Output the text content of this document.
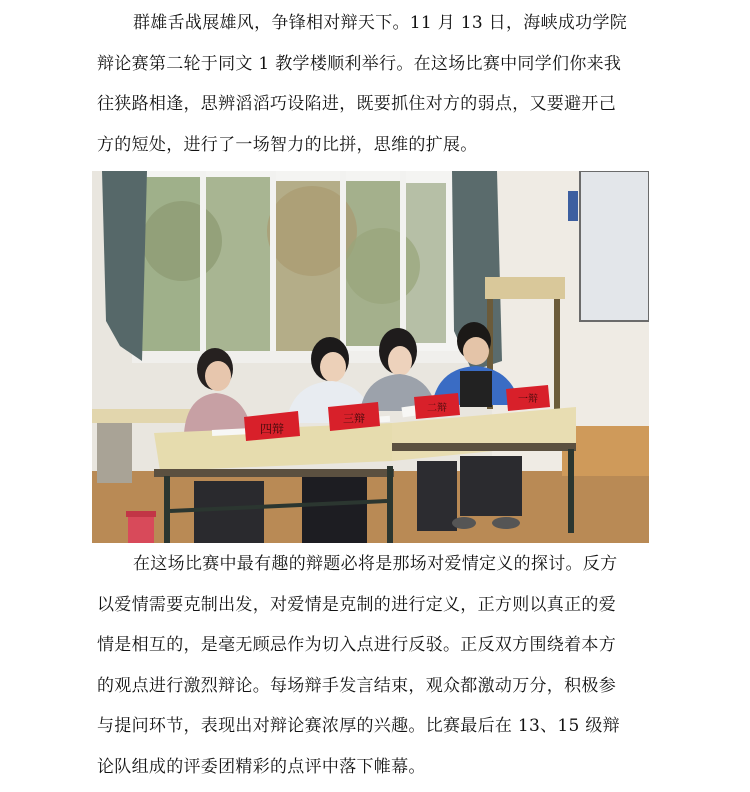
群雄舌战展雄风，争锋相对辩天下。11 月 13 日，海峡成功学院
辩论赛第二轮于同文 1 教学楼顺利举行。在这场比赛中同学们你来我
往狭路相逢，思辨滔滔巧设陷进，既要抓住对方的弱点，又要避开己
方的短处，进行了一场智力的比拼，思维的扩展。
四辩
三辩
二辩
一辩
在这场比赛中最有趣的辩题必将是那场对爱情定义的探讨。反方
以爱情需要克制出发，对爱情是克制的进行定义，正方则以真正的爱
情是相互的，是毫无顾忌作为切入点进行反驳。正反双方围绕着本方
的观点进行激烈辩论。每场辩手发言结束，观众都激动万分，积极参
与提问环节，表现出对辩论赛浓厚的兴趣。比赛最后在 13、15 级辩
论队组成的评委团精彩的点评中落下帷幕。
